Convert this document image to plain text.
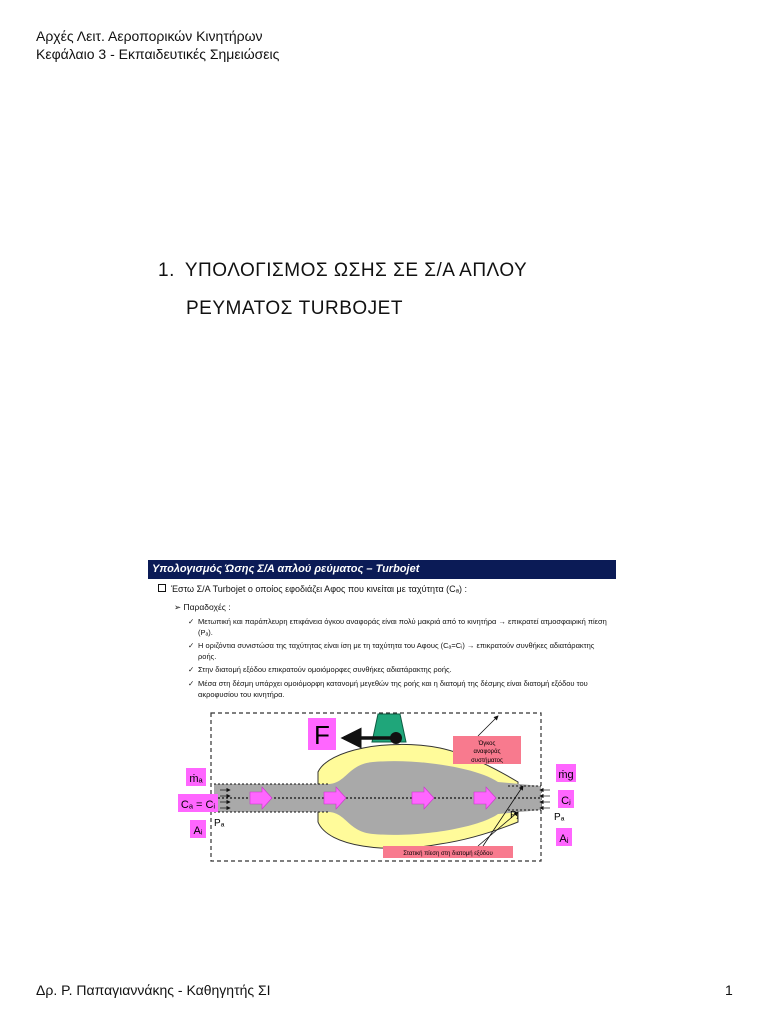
Αρχές Λειτ. Αεροπορικών Κινητήρων
Κεφάλαιο 3 - Εκπαιδευτικές Σημειώσεις
1. ΥΠΟΛΟΓΙΣΜΟΣ ΩΣΗΣ ΣΕ Σ/Α ΑΠΛΟΥ
ΡΕΥΜΑΤΟΣ TURBOJET
Υπολογισμός Ώσης Σ/Α απλού ρεύματος – Turbojet
Έστω Σ/Α Turbojet ο οποίος εφοδιάζει Αφος που κινείται με ταχύτητα (Cₐ) :
➢ Παραδοχές :
✓ Μετωπική και παράπλευρη επιφάνεια όγκου αναφοράς είναι πολύ μακριά από το κινητήρα → επικρατεί ατμοσφαιρική πίεση (Pₐ).
✓ Η οριζόντια συνιστώσα της ταχύτητας είναι ίση με τη ταχύτητα του Αφους (Cₐ=Cᵢ) → επικρατούν συνθήκες αδιατάρακτης ροής.
✓ Στην διατομή εξόδου επικρατούν ομοιόμορφες συνθήκες αδιατάρακτης ροής.
✓ Μέσα στη δέσμη υπάρχει ομοιόμορφη κατανομή μεγεθών της ροής και η διατομή της δέσμης είναι διατομή εξόδου του ακροφυσίου του κινητήρα.
F	Όγκος
αναφοράς
συστήματος
Στατική πίεση στη διατομή εξόδου
ṁₐ
Cₐ = Cᵢ
Aᵢ
Pₐ
ṁg
Cⱼ
Aⱼ
Pₐ
Pⱼ
Δρ. Ρ. Παπαγιαννάκης - Καθηγητής ΣΙ	1
